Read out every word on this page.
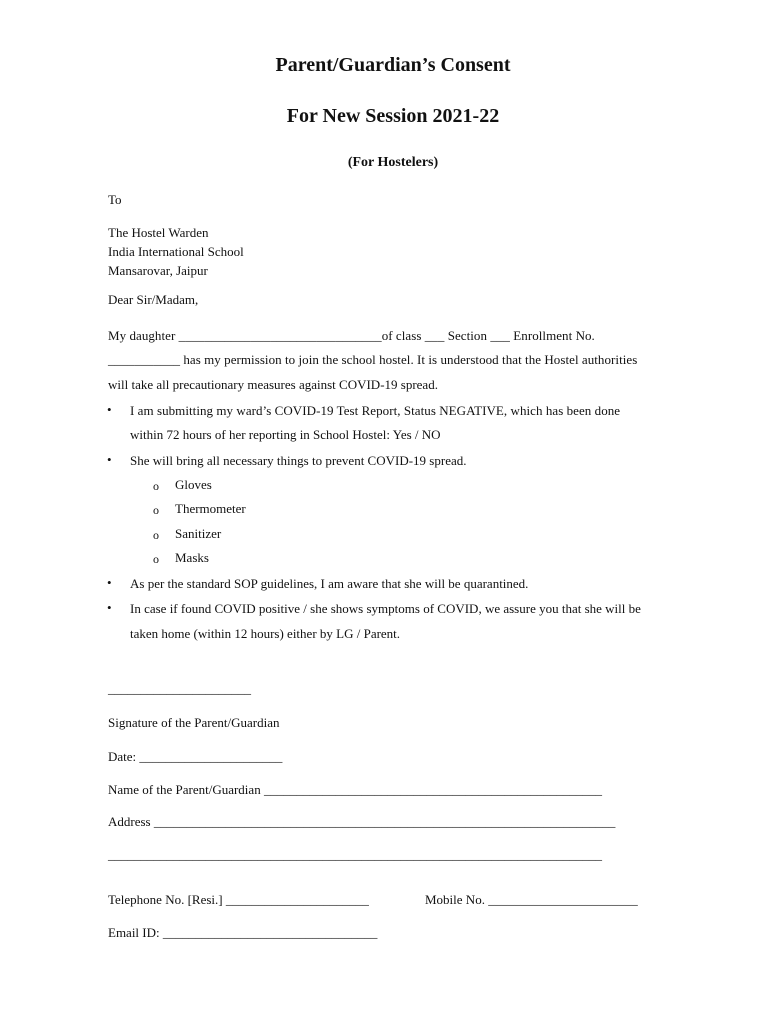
Parent/Guardian’s Consent
For New Session 2021-22
(For Hostelers)
To
The Hostel Warden
India International School
Mansarovar, Jaipur
Dear Sir/Madam,
My daughter _______________________________of class ___ Section ___ Enrollment No.
___________ has my permission to join the school hostel. It is understood that the Hostel authorities
will take all precautionary measures against COVID-19 spread.
• I am submitting my ward’s COVID-19 Test Report, Status NEGATIVE, which has been done
within 72 hours of her reporting in School Hostel: Yes / NO
• She will bring all necessary things to prevent COVID-19 spread.
o Gloves
o Thermometer
o Sanitizer
o Masks
• As per the standard SOP guidelines, I am aware that she will be quarantined.
• In case if found COVID positive / she shows symptoms of COVID, we assure you that she will be
taken home (within 12 hours) either by LG / Parent.
______________________
Signature of the Parent/Guardian
Date: ______________________
Name of the Parent/Guardian ____________________________________________________
Address _______________________________________________________________________
____________________________________________________________________________
Telephone No. [Resi.] ______________________	Mobile No. _______________________
Email ID: _________________________________
